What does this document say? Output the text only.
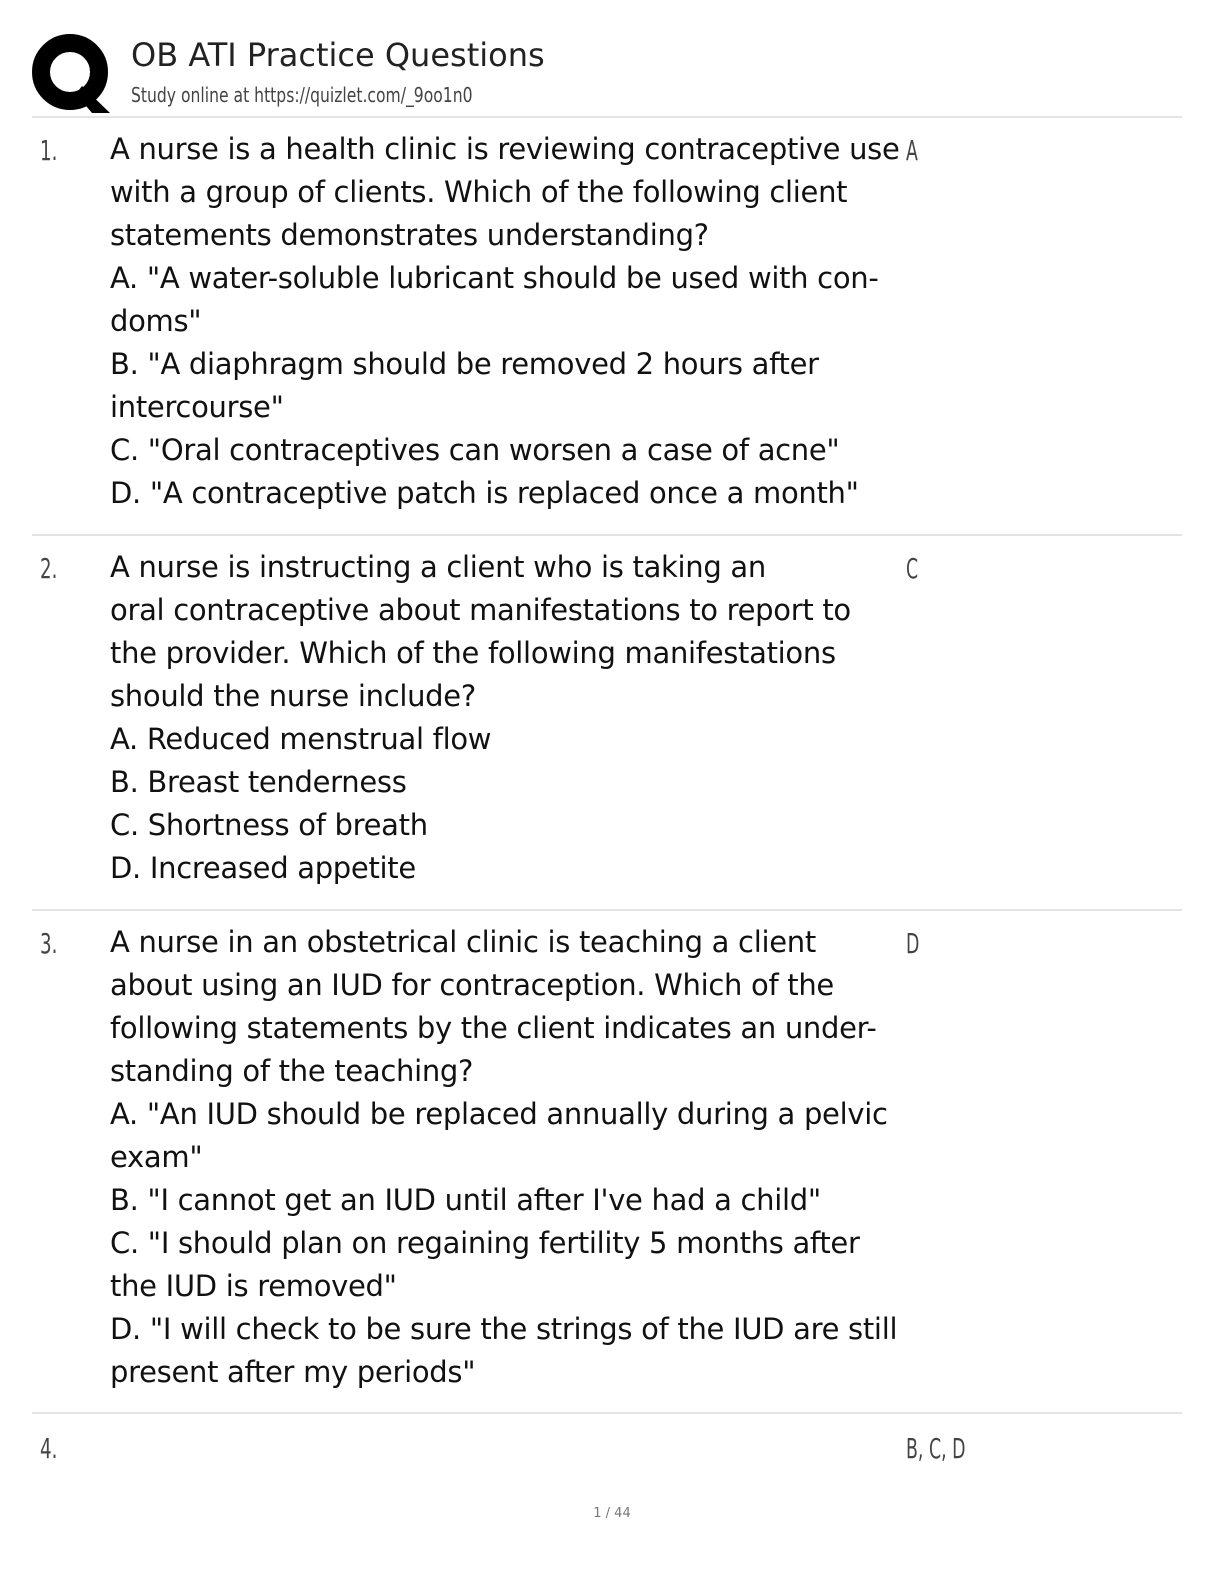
OB ATI Practice Questions
Study online at https://quizlet.com/_9oo1n0
1. A nurse is a health clinic is reviewing contraceptive use
with a group of clients. Which of the following client
statements demonstrates understanding?
A. "A water-soluble lubricant should be used with con-
doms"
B. "A diaphragm should be removed 2 hours after
intercourse"
C. "Oral contraceptives can worsen a case of acne"
D. "A contraceptive patch is replaced once a month"
A
2. A nurse is instructing a client who is taking an
oral contraceptive about manifestations to report to
the provider. Which of the following manifestations
should the nurse include?
A. Reduced menstrual flow
B. Breast tenderness
C. Shortness of breath
D. Increased appetite
C
3. A nurse in an obstetrical clinic is teaching a client
about using an IUD for contraception. Which of the
following statements by the client indicates an under-
standing of the teaching?
A. "An IUD should be replaced annually during a pelvic
exam"
B. "I cannot get an IUD until after I've had a child"
C. "I should plan on regaining fertility 5 months after
the IUD is removed"
D. "I will check to be sure the strings of the IUD are still
present after my periods"
D
4.	B, C, D
1 / 44
